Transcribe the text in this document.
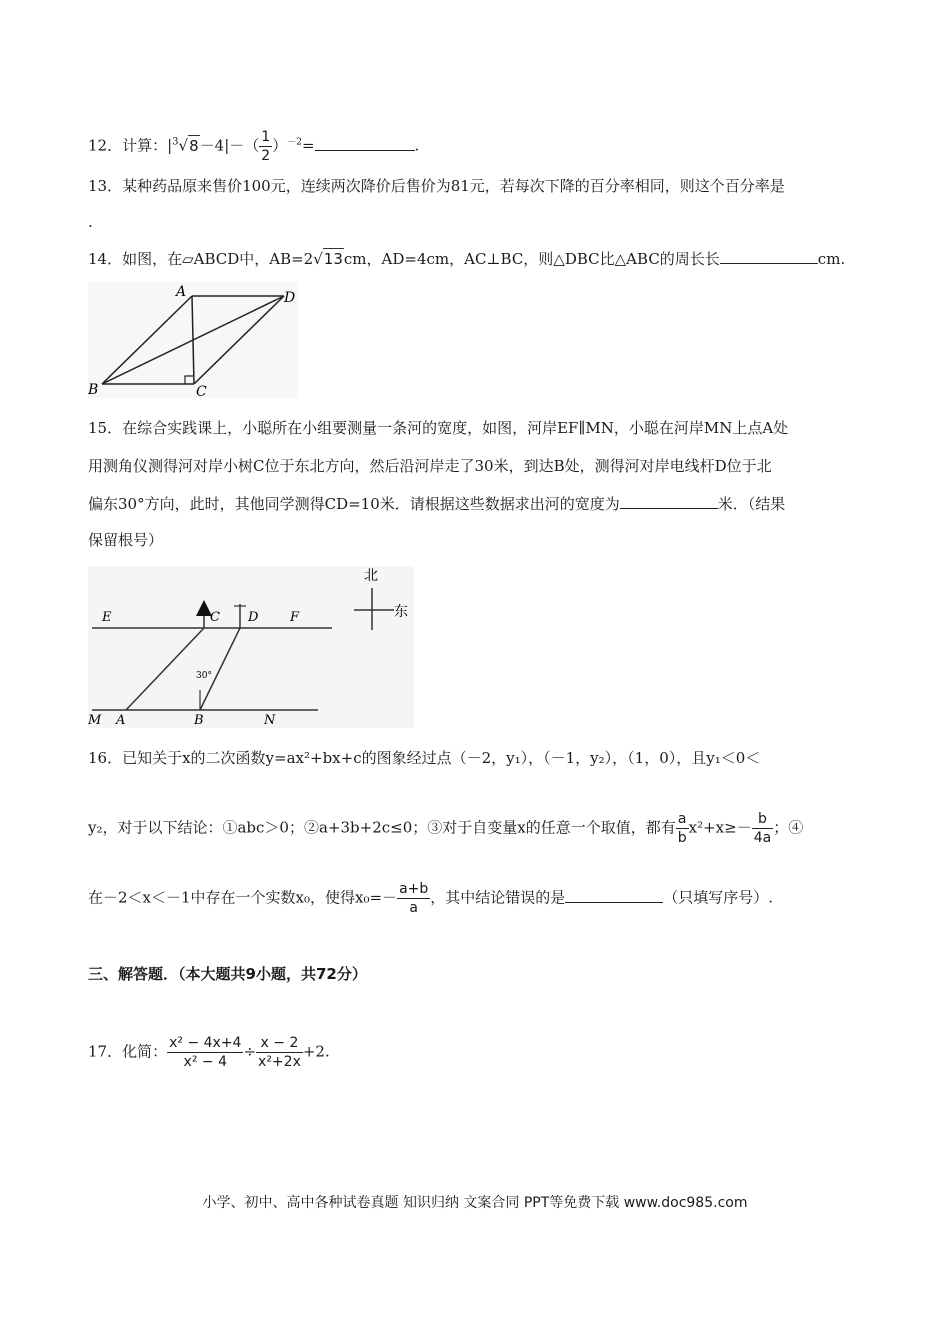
12．计算：$|^3√8-4|-( \frac{1}{2} )^{-2}=$	.
13．某种药品原来售价100元，连续两次降价后售价为81元，若每次下降的百分率相同，则这个百分率是
.
14．如图，在▱ABCD中，AB=2√13cm，AD=4cm，AC⊥BC，则△DBC比△ABC的周长长	cm.
A
B	C
D
15．在综合实践课上，小聪所在小组要测量一条河的宽度，如图，河岸EF∥MN，小聪在河岸MN上点A处
用测角仪测得河对岸小树C位于东北方向，然后沿河岸走了30米，到达B处，测得河对岸电线杆D位于北
偏东30°方向，此时，其他同学测得CD=10米．请根据这些数据求出河的宽度为	米．（结果
保留根号）
E	C D F
M A	B	N
30°
北
东
16．已知关于x的二次函数y=ax²+bx+c的图象经过点（－2，y₁），（－1，y₂），（1，0），且y₁＜0＜
y₂，对于以下结论：①abc＞0；②a+3b+2c≤0；③对于自变量x的任意一个取值，都有 $\frac{a}{b} x^2+x\ge- \frac{b}{4a}$ ；④
在－2＜x＜－1中存在一个实数x₀，使得$x_0=- \frac{a+b}{a}$ ，其中结论错误的是	（只填写序号）.
三、解答题．（本大题共9小题，共72分）
17．化简： $\frac{\text{x² − 4x+4}}{\text{x² − 4}} \div \frac{x - 2}{\text{x²+2x}} +2$.
小学、初中、高中各种试卷真题 知识归纳 文案合同 PPT等免费下载 www.doc985.com
